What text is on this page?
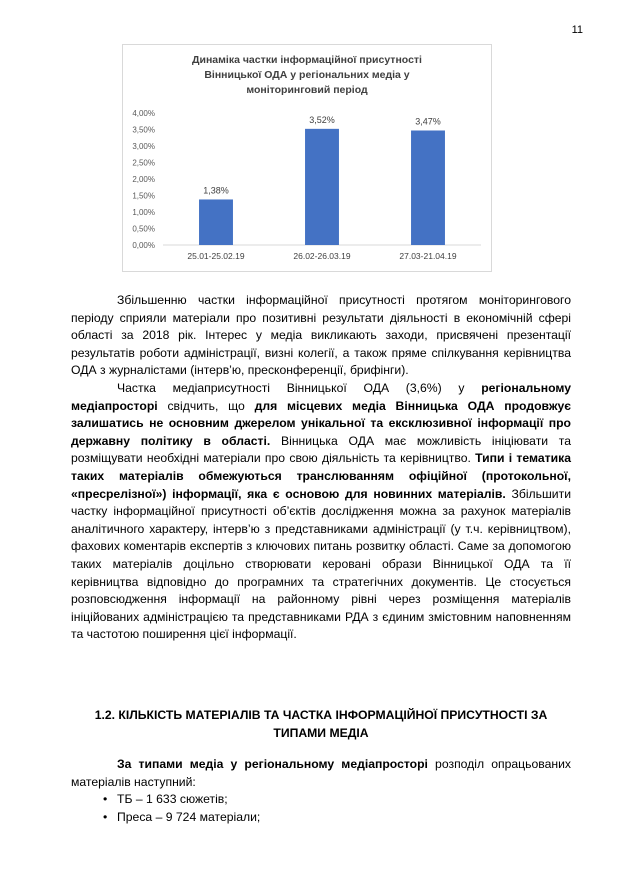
11
Динаміка частки інформаційної присутності
Вінницької ОДА у регіональних медіа у
моніторинговий період
0,00%
0,50%
1,00%
1,50%
2,00%
2,50%
3,00%
3,50%
4,00%
1,38%
25.01-25.02.19
3,52%
26.02-26.03.19
3,47%
27.03-21.04.19

Збільшенню частки інформаційної присутності протягом моніторингового періоду сприяли матеріали про позитивні результати діяльності в економічній сфері області за 2018 рік. Інтерес у медіа викликають заходи, присвячені презентації результатів роботи адміністрації, визні колегії, а також пряме спілкування керівництва ОДА з журналістами (інтерв’ю, пресконференції, брифінги).

Частка медіаприсутності Вінницької ОДА (3,6%) у регіональному медіапросторі свідчить, що для місцевих медіа Вінницька ОДА продовжує залишатись не основним джерелом унікальної та ексклюзивної інформації про державну політику в області. Вінницька ОДА має можливість ініціювати та розміщувати необхідні матеріали про свою діяльність та керівництво. Типи і тематика таких матеріалів обмежуються транслюванням офіційної (протокольної, «пресрелізної») інформації, яка є основою для новинних матеріалів. Збільшити частку інформаційної присутності об’єктів дослідження можна за рахунок матеріалів аналітичного характеру, інтерв’ю з представниками адміністрації (у т.ч. керівництвом), фахових коментарів експертів з ключових питань розвитку області. Саме за допомогою таких матеріалів доцільно створювати керовані образи Вінницької ОДА та її керівництва відповідно до програмних та стратегічних документів. Це стосується розповсюдження інформації на районному рівні через розміщення матеріалів ініційованих адміністрацією та представниками РДА з єдиним змістовним наповненням та частотою поширення цієї інформації.

1.2. КІЛЬКІСТЬ МАТЕРІАЛІВ ТА ЧАСТКА ІНФОРМАЦІЙНОЇ ПРИСУТНОСТІ ЗА
ТИПАМИ МЕДІА

За типами медіа у регіональному медіапросторі розподіл опрацьованих матеріалів наступний:

• ТБ – 1 633 сюжетів;
• Преса – 9 724 матеріали;
